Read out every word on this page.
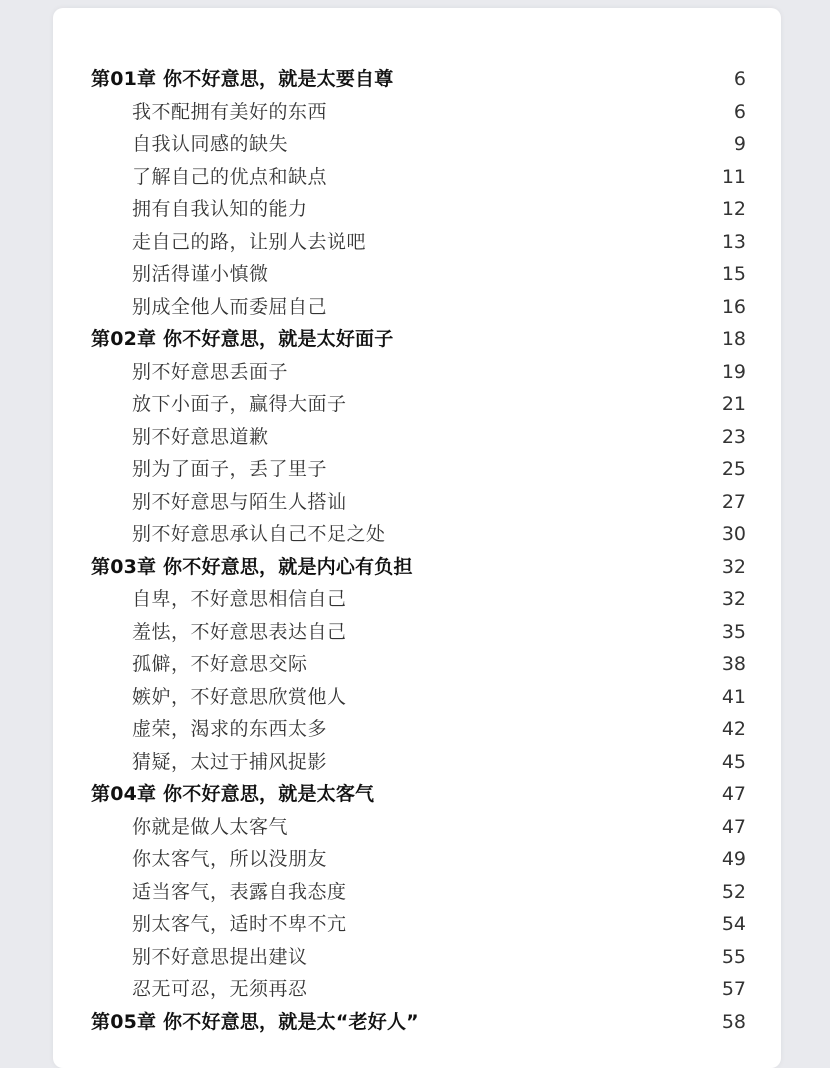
第01章 你不好意思，就是太要自尊	6
我不配拥有美好的东西	6
自我认同感的缺失	9
了解自己的优点和缺点	11
拥有自我认知的能力	12
走自己的路，让别人去说吧	13
别活得谨小慎微	15
别成全他人而委屈自己	16
第02章 你不好意思，就是太好面子	18
别不好意思丢面子	19
放下小面子，赢得大面子	21
别不好意思道歉	23
别为了面子，丢了里子	25
别不好意思与陌生人搭讪	27
别不好意思承认自己不足之处	30
第03章 你不好意思，就是内心有负担	32
自卑，不好意思相信自己	32
羞怯，不好意思表达自己	35
孤僻，不好意思交际	38
嫉妒，不好意思欣赏他人	41
虚荣，渴求的东西太多	42
猜疑，太过于捕风捉影	45
第04章 你不好意思，就是太客气	47
你就是做人太客气	47
你太客气，所以没朋友	49
适当客气，表露自我态度	52
别太客气，适时不卑不亢	54
别不好意思提出建议	55
忍无可忍，无须再忍	57
第05章 你不好意思，就是太“老好人”	58
